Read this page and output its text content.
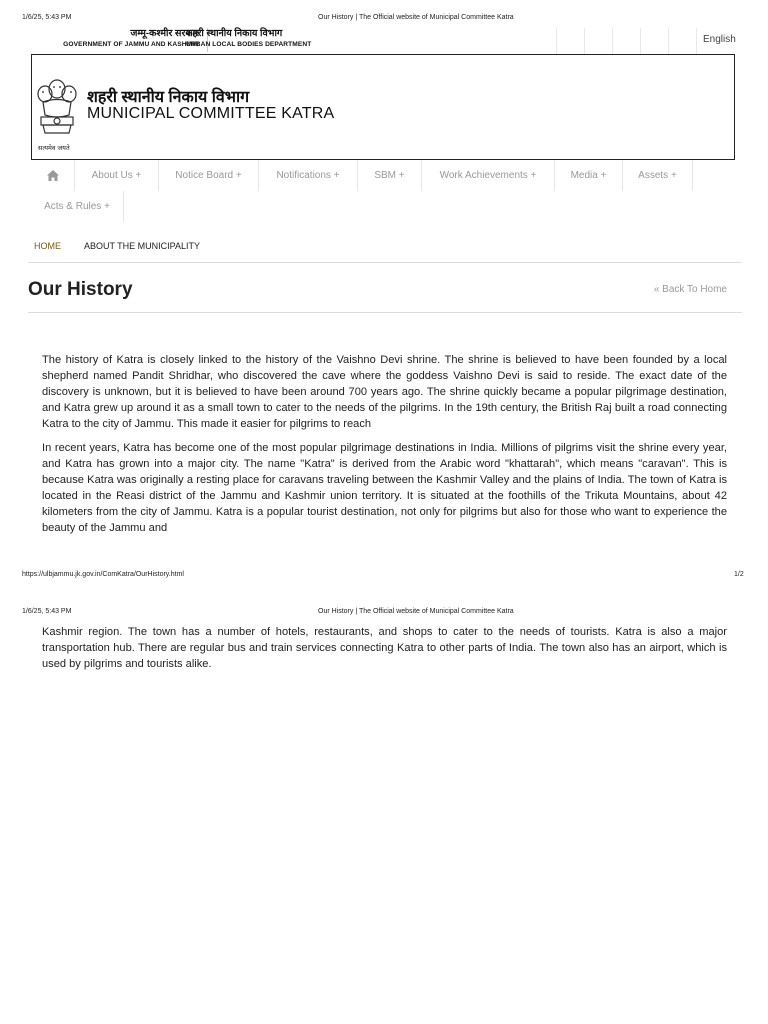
1/6/25, 5:43 PM	Our History | The Official website of Municipal Committee Katra
जम्मू-कश्मीर सरकार
GOVERNMENT OF JAMMU AND KASHMIR
शहरी स्थानीय निकाय विभाग
URBAN LOCAL BODIES DEPARTMENT	English
सत्यमेव जयते
शहरी स्थानीय निकाय विभाग
MUNICIPAL COMMITTEE KATRA
About Us +	Notice Board +	Notifications +	SBM +	Work Achievements +	Media +	Assets +
Acts & Rules +
HOME	ABOUT THE MUNICIPALITY
Our History	« Back To Home

The history of Katra is closely linked to the history of the Vaishno Devi shrine. The shrine is believed to have been founded by a local shepherd named Pandit Shridhar, who discovered the cave where the goddess Vaishno Devi is said to reside. The exact date of the discovery is unknown, but it is believed to have been around 700 years ago. The shrine quickly became a popular pilgrimage destination, and Katra grew up around it as a small town to cater to the needs of the pilgrims. In the 19th century, the British Raj built a road connecting Katra to the city of Jammu. This made it easier for pilgrims to reach

In recent years, Katra has become one of the most popular pilgrimage destinations in India. Millions of pilgrims visit the shrine every year, and Katra has grown into a major city. The name "Katra" is derived from the Arabic word "khattarah", which means "caravan". This is because Katra was originally a resting place for caravans traveling between the Kashmir Valley and the plains of India. The town of Katra is located in the Reasi district of the Jammu and Kashmir union territory. It is situated at the foothills of the Trikuta Mountains, about 42 kilometers from the city of Jammu. Katra is a popular tourist destination, not only for pilgrims but also for those who want to experience the beauty of the Jammu and

https://ulbjammu.jk.gov.in/ComKatra/OurHistory.html	1/2
1/6/25, 5:43 PM	Our History | The Official website of Municipal Committee Katra

Kashmir region. The town has a number of hotels, restaurants, and shops to cater to the needs of tourists. Katra is also a major transportation hub. There are regular bus and train services connecting Katra to other parts of India. The town also has an airport, which is used by pilgrims and tourists alike.
